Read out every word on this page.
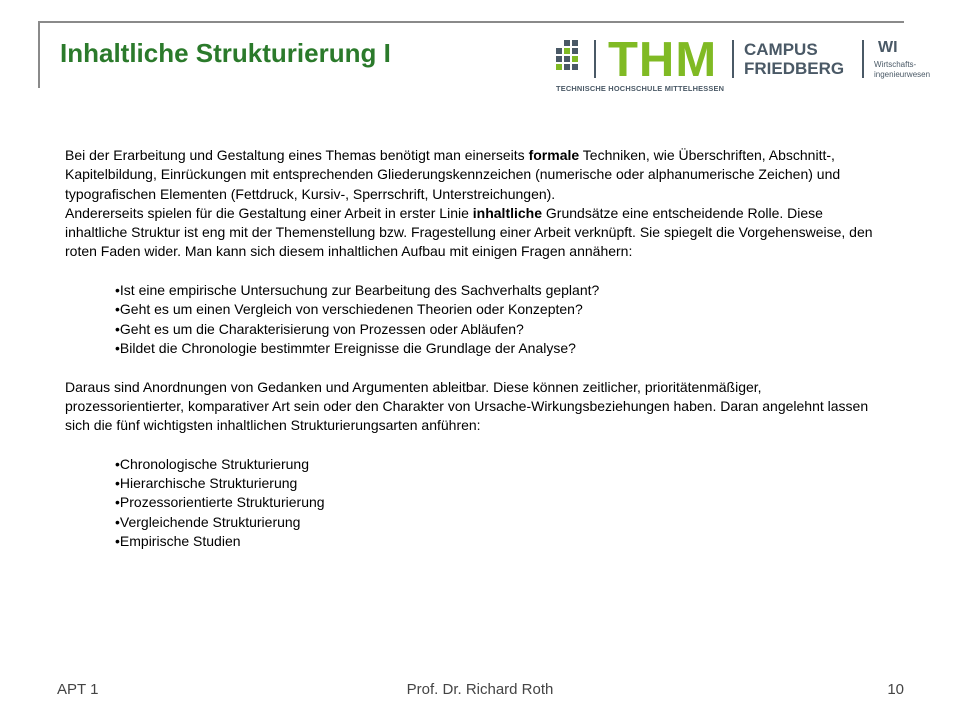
Inhaltliche Strukturierung I	THM CAMPUS
FRIEDBERG
WI
Wirtschafts-
ingenieurwesen
TECHNISCHE HOCHSCHULE MITTELHESSEN

Bei der Erarbeitung und Gestaltung eines Themas benötigt man einerseits formale Techniken, wie Überschriften, Abschnitt-, Kapitelbildung, Einrückungen mit entsprechenden Gliederungskennzeichen (numerische oder alphanumerische Zeichen) und typografischen Elementen (Fettdruck, Kursiv-, Sperrschrift, Unterstreichungen).

Andererseits spielen für die Gestaltung einer Arbeit in erster Linie inhaltliche Grundsätze eine entscheidende Rolle. Diese inhaltliche Struktur ist eng mit der Themenstellung bzw. Fragestellung einer Arbeit verknüpft. Sie spiegelt die Vorgehensweise, den roten Faden wider. Man kann sich diesem inhaltlichen Aufbau mit einigen Fragen annähern:

•Ist eine empirische Untersuchung zur Bearbeitung des Sachverhalts geplant?
•Geht es um einen Vergleich von verschiedenen Theorien oder Konzepten?
•Geht es um die Charakterisierung von Prozessen oder Abläufen?
•Bildet die Chronologie bestimmter Ereignisse die Grundlage der Analyse?

Daraus sind Anordnungen von Gedanken und Argumenten ableitbar. Diese können zeitlicher, prioritätenmäßiger, prozessorientierter, komparativer Art sein oder den Charakter von Ursache-Wirkungsbeziehungen haben. Daran angelehnt lassen sich die fünf wichtigsten inhaltlichen Strukturierungsarten anführen:

•Chronologische Strukturierung
•Hierarchische Strukturierung
•Prozessorientierte Strukturierung
•Vergleichende Strukturierung
•Empirische Studien
APT 1	Prof. Dr. Richard Roth	10
